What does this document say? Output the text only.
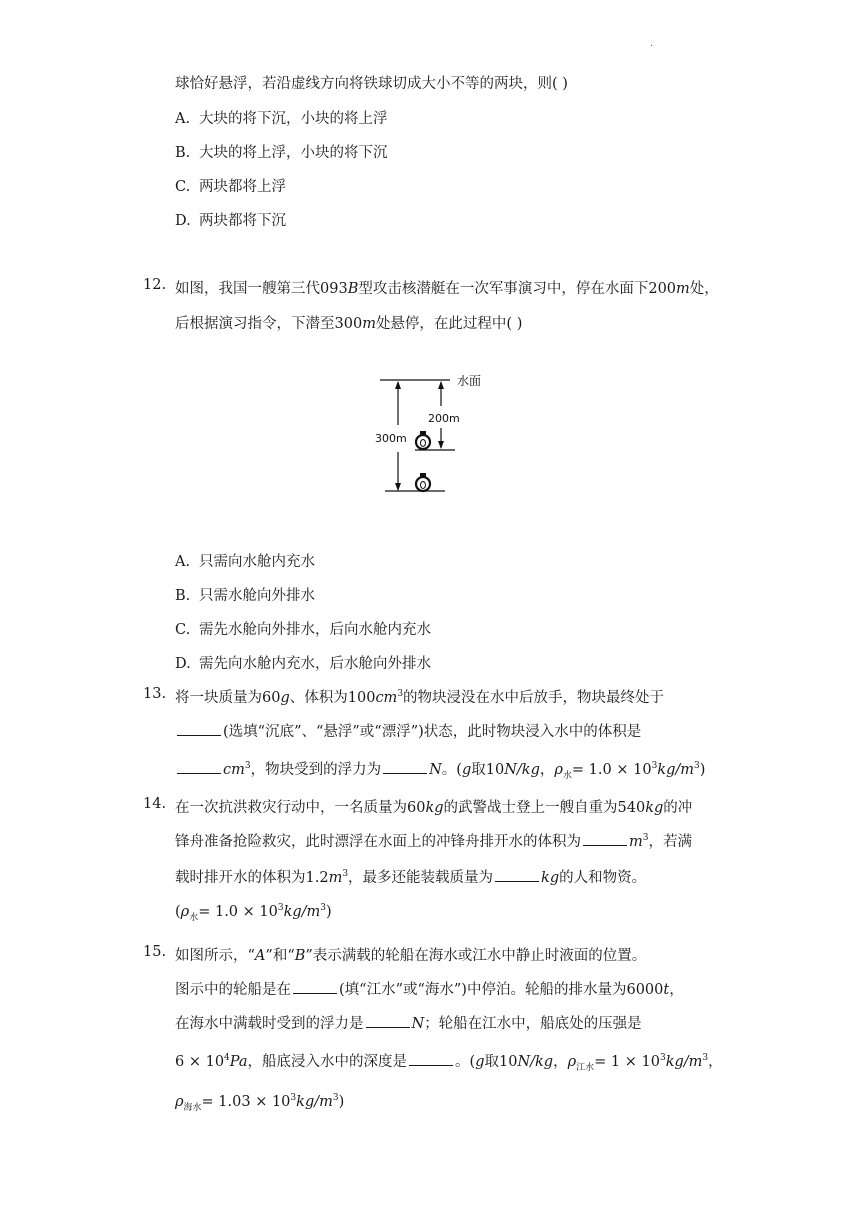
.
球恰好悬浮，若沿虚线方向将铁球切成大小不等的两块，则( )
A. 大块的将下沉，小块的将上浮
B. 大块的将上浮，小块的将下沉
C. 两块都将上浮
D. 两块都将下沉
12. 如图，我国一艘第三代093B型攻击核潜艇在一次军事演习中，停在水面下200m处，
后根据演习指令，下潜至300m处悬停，在此过程中( )
水面
200m
300m
A. 只需向水舱内充水
B. 只需水舱向外排水
C. 需先水舱向外排水，后向水舱内充水
D. 需先向水舱内充水，后水舱向外排水
13. 将一块质量为60g、体积为$100cm^3$的物块浸没在水中后放手，物块最终处于
(选填“沉底”、“悬浮”或“漂浮”)状态，此时物块浸入水中的体积是
$cm^3$，物块受到的浮力为	N。(g取10N/kg，$\rho_水= 1.0 \times 10^3kg/m^3$)
14. 在一次抗洪救灾行动中，一名质量为60kg的武警战士登上一艘自重为540kg的冲
锋舟准备抢险救灾，此时漂浮在水面上的冲锋舟排开水的体积为	$m^3$，若满
载时排开水的体积为$1.2m^3$，最多还能装载质量为	kg的人和物资。
$(\rho_水= 1.0 \times 10^3kg/m^3)$
15. 如图所示，“A”和“B”表示满载的轮船在海水或江水中静止时液面的位置。
图示中的轮船是在	(填“江水”或“海水”)中停泊。轮船的排水量为6000t，
在海水中满载时受到的浮力是	N；轮船在江水中，船底处的压强是
$6 \times 10^4Pa$，船底浸入水中的深度是	。(g取10N/kg，$\rho_{江水}= 1 \times 10^3kg/m^3$，
$\rho_{海水}= 1.03 \times 10^3kg/m^3$)
